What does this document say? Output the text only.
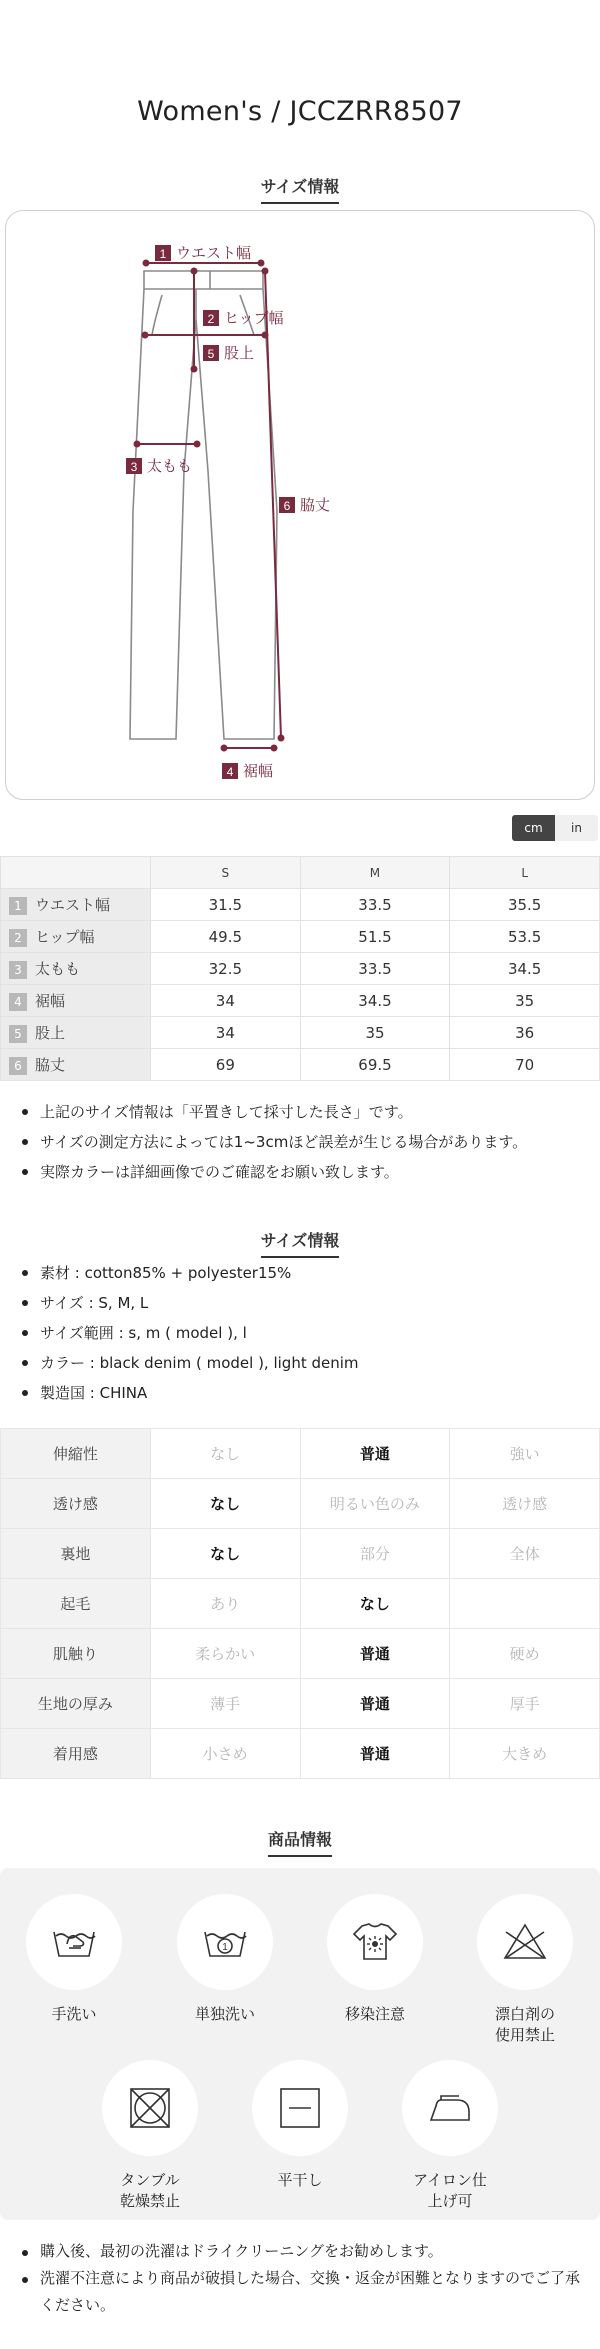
Women's / JCCZRR8507
サイズ情報
1 ウエスト幅
2 ヒップ幅
5 股上
3 太もも
6 脇丈
4 裾幅
cm	in
	S	M	L
1 ウエスト幅	31.5	33.5	35.5
2 ヒップ幅	49.5	51.5	53.5
3 太もも	32.5	33.5	34.5
4 裾幅	34	34.5	35
5 股上	34	35	36
6 脇丈	69	69.5	70
上記のサイズ情報は「平置きして採寸した長さ」です。
サイズの測定方法によっては1~3cmほど誤差が生じる場合があります。
実際カラーは詳細画像でのご確認をお願い致します。
サイズ情報
素材 : cotton85% + polyester15%
サイズ : S, M, L
サイズ範囲 : s, m ( model ), l
カラー : black denim ( model ), light denim
製造国 : CHINA
伸縮性	なし	普通	強い
透け感	なし	明るい色のみ	透け感
裏地	なし	部分	全体
起毛	あり	なし	
肌触り	柔らかい	普通	硬め
生地の厚み	薄手	普通	厚手
着用感	小さめ	普通	大きめ
商品情報
手洗い
1
単独洗い	移染注意	漂白剤の
使用禁止
タンブル
乾燥禁止
平干し	アイロン仕
上げ可
購入後、最初の洗濯はドライクリーニングをお勧めします。
洗濯不注意により商品が破損した場合、交換・返金が困難となりますのでご了承ください。
